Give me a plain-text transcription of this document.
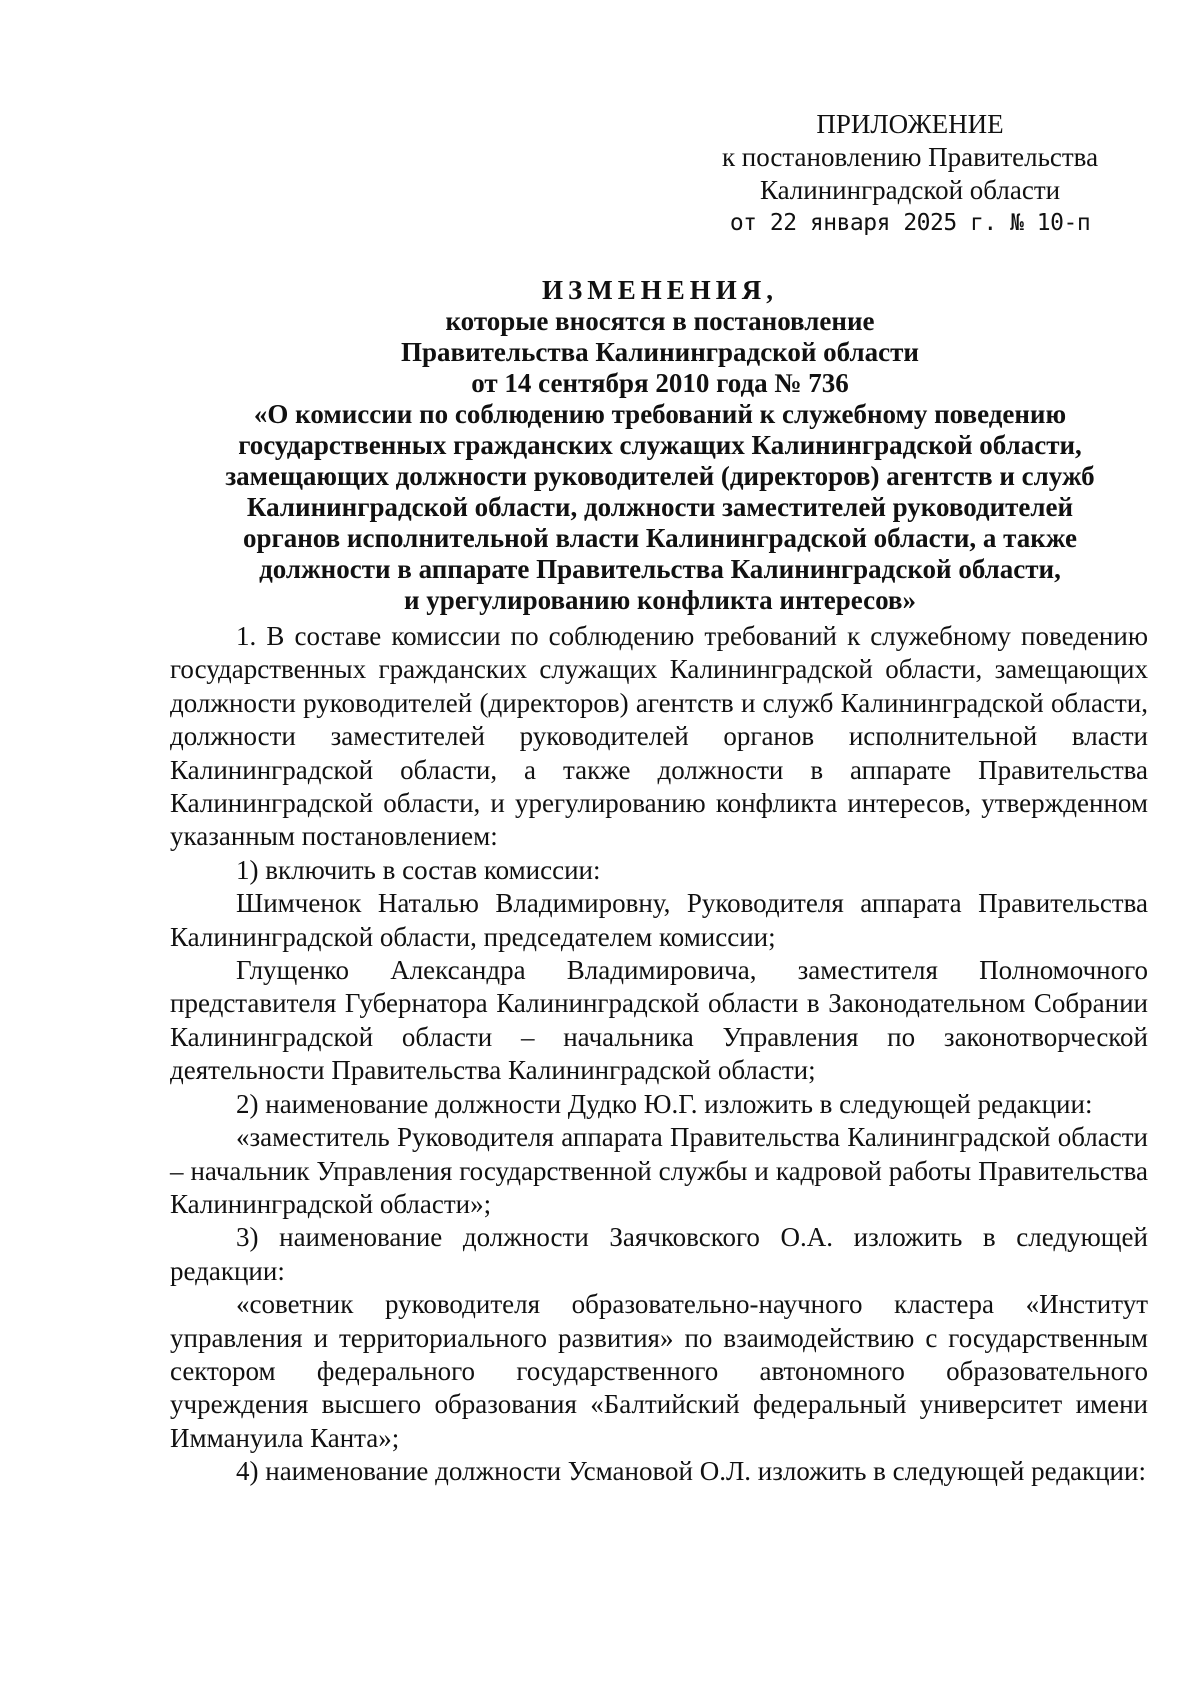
ПРИЛОЖЕНИЕ
к постановлению Правительства
Калининградской области
от 22 января 2025 г. № 10-п
ИЗМЕНЕНИЯ,
которые вносятся в постановление
Правительства Калининградской области
от 14 сентября 2010 года № 736
«О комиссии по соблюдению требований к служебному поведению
государственных гражданских служащих Калининградской области,
замещающих должности руководителей (директоров) агентств и служб
Калининградской области, должности заместителей руководителей
органов исполнительной власти Калининградской области, а также
должности в аппарате Правительства Калининградской области,
и урегулированию конфликта интересов»

1. В составе комиссии по соблюдению требований к служебному поведению государственных гражданских служащих Калининградской области, замещающих должности руководителей (директоров) агентств и служб Калининградской области, должности заместителей руководителей органов исполнительной власти Калининградской области, а также должности в аппарате Правительства Калининградской области, и урегулированию конфликта интересов, утвержденном указанным постановлением:

1) включить в состав комиссии:

Шимченок Наталью Владимировну, Руководителя аппарата Правительства Калининградской области, председателем комиссии;

Глущенко Александра Владимировича, заместителя Полномочного представителя Губернатора Калининградской области в Законодательном Собрании Калининградской области – начальника Управления по законотворческой деятельности Правительства Калининградской области;

2) наименование должности Дудко Ю.Г. изложить в следующей редакции:

«заместитель Руководителя аппарата Правительства Калининградской области – начальник Управления государственной службы и кадровой работы Правительства Калининградской области»;

3) наименование должности Заячковского О.А. изложить в следующей редакции:

«советник руководителя образовательно-научного кластера «Институт управления и территориального развития» по взаимодействию с государственным сектором федерального государственного автономного образовательного учреждения высшего образования «Балтийский федеральный университет имени Иммануила Канта»;

4) наименование должности Усмановой О.Л. изложить в следующей редакции:
